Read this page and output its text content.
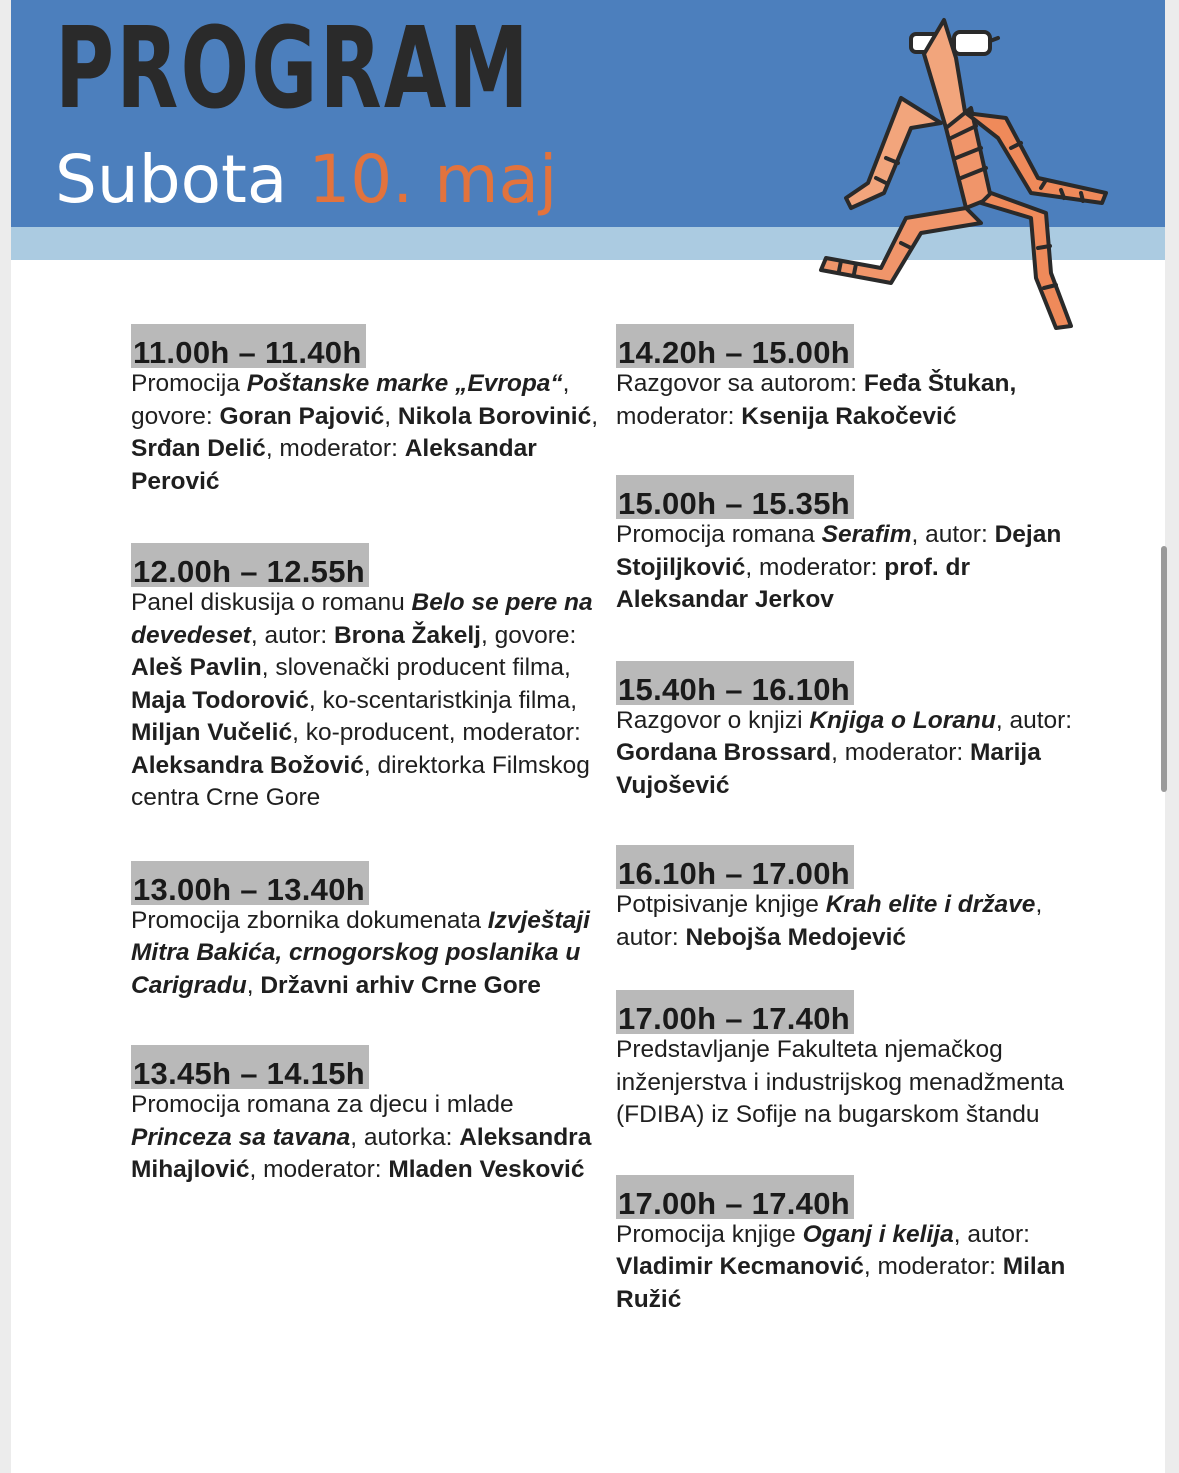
PROGRAM
Subota 10. maj
11.00h – 11.40h

Promocija Poštanske marke „Evropa“, govore: Goran Pajović, Nikola Borovinić, Srđan Delić, moderator: Aleksandar Perović

12.00h – 12.55h

Panel diskusija o romanu Belo se pere na devedeset, autor: Brona Žakelj, govore: Aleš Pavlin, slovenački producent filma, Maja Todorović, ko-scentaristkinja filma, Miljan Vučelić, ko-producent, moderator: Aleksandra Božović, direktorka Filmskog centra Crne Gore

13.00h – 13.40h

Promocija zbornika dokumenata Izvještaji Mitra Bakića, crnogorskog poslanika u Carigradu, Državni arhiv Crne Gore

13.45h – 14.15h

Promocija romana za djecu i mlade Princeza sa tavana, autorka: Aleksandra Mihajlović, moderator: Mladen Vesković

14.20h – 15.00h

Razgovor sa autorom: Feđa Štukan, moderator: Ksenija Rakočević

15.00h – 15.35h

Promocija romana Serafim, autor: Dejan Stojiljković, moderator: prof. dr Aleksandar Jerkov

15.40h – 16.10h

Razgovor o knjizi Knjiga o Loranu, autor: Gordana Brossard, moderator: Marija Vujošević

16.10h – 17.00h

Potpisivanje knjige Krah elite i države, autor: Nebojša Medojević

17.00h – 17.40h

Predstavljanje Fakulteta njemačkog inženjerstva i industrijskog menadžmenta (FDIBA) iz Sofije na bugarskom štandu

17.00h – 17.40h

Promocija knjige Oganj i kelija, autor: Vladimir Kecmanović, moderator: Milan Ružić
